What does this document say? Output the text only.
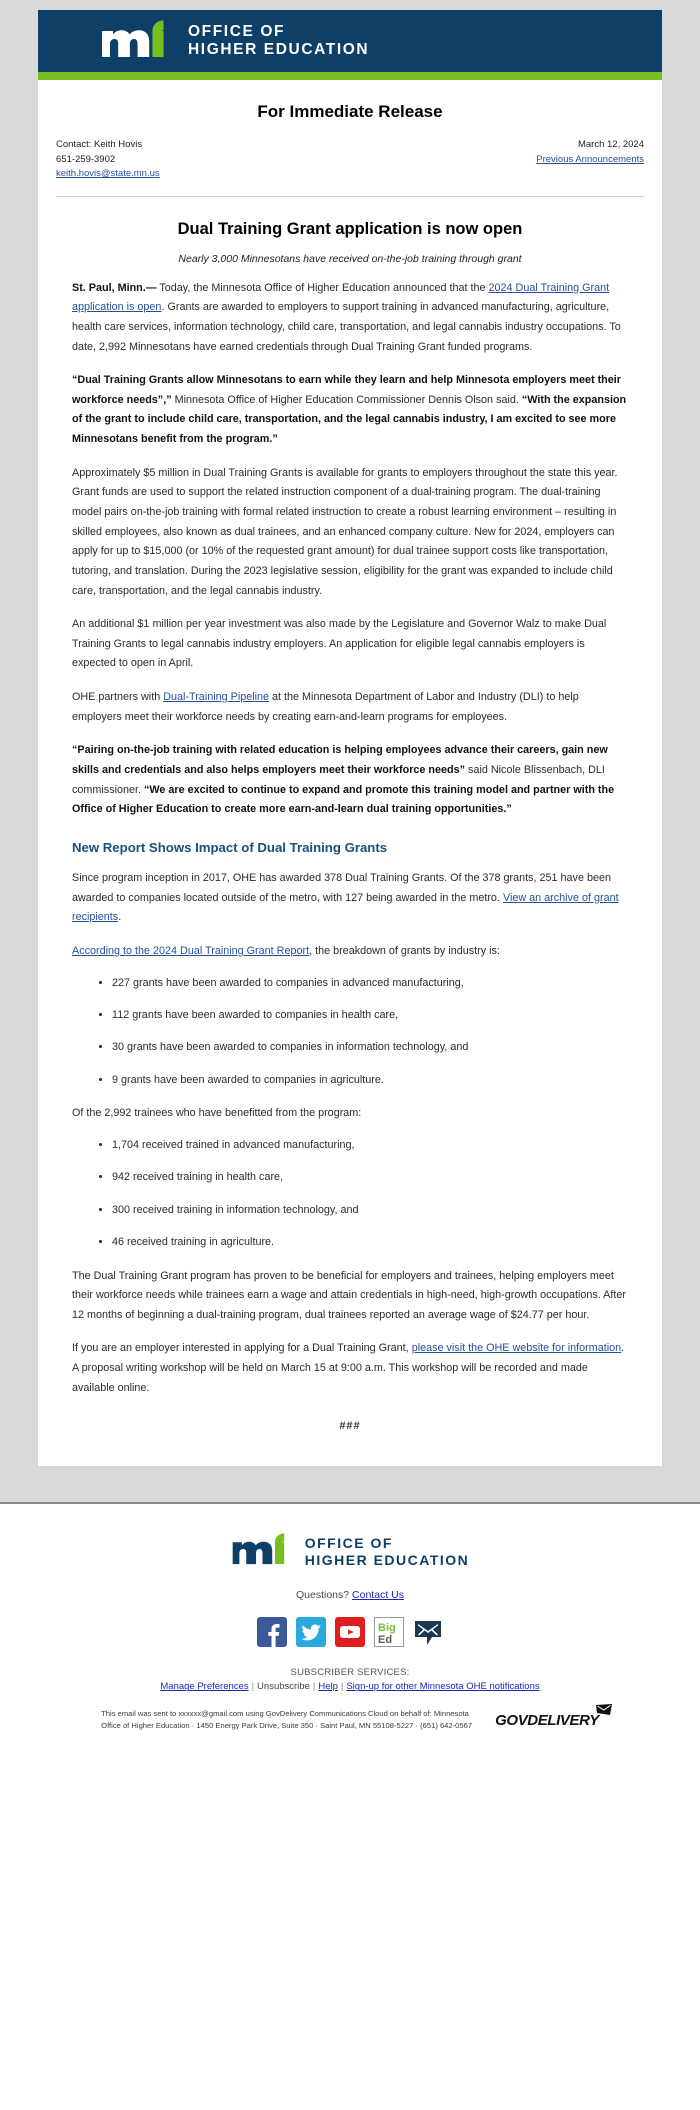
OFFICE OF
HIGHER EDUCATION
For Immediate Release
Contact: Keith Hovis
651-259-3902
keith.hovis@state.mn.us
March 12, 2024
Previous Announcements
Dual Training Grant application is now open
Nearly 3,000 Minnesotans have received on-the-job training through grant

St. Paul, Minn.— Today, the Minnesota Office of Higher Education announced that the 2024 Dual Training Grant application is open. Grants are awarded to employers to support training in advanced manufacturing, agriculture, health care services, information technology, child care, transportation, and legal cannabis industry occupations. To date, 2,992 Minnesotans have earned credentials through Dual Training Grant funded programs.

“Dual Training Grants allow Minnesotans to earn while they learn and help Minnesota employers meet their workforce needs”,” Minnesota Office of Higher Education Commissioner Dennis Olson said. “With the expansion of the grant to include child care, transportation, and the legal cannabis industry, I am excited to see more Minnesotans benefit from the program.”

Approximately $5 million in Dual Training Grants is available for grants to employers throughout the state this year. Grant funds are used to support the related instruction component of a dual-training program. The dual-training model pairs on-the-job training with formal related instruction to create a robust learning environment – resulting in skilled employees, also known as dual trainees, and an enhanced company culture. New for 2024, employers can apply for up to $15,000 (or 10% of the requested grant amount) for dual trainee support costs like transportation, tutoring, and translation. During the 2023 legislative session, eligibility for the grant was expanded to include child care, transportation, and the legal cannabis industry.

An additional $1 million per year investment was also made by the Legislature and Governor Walz to make Dual Training Grants to legal cannabis industry employers. An application for eligible legal cannabis employers is expected to open in April.

OHE partners with Dual-Training Pipeline at the Minnesota Department of Labor and Industry (DLI) to help employers meet their workforce needs by creating earn-and-learn programs for employees.

“Pairing on-the-job training with related education is helping employees advance their careers, gain new skills and credentials and also helps employers meet their workforce needs” said Nicole Blissenbach, DLI commissioner. “We are excited to continue to expand and promote this training model and partner with the Office of Higher Education to create more earn-and-learn dual training opportunities.”

New Report Shows Impact of Dual Training Grants

Since program inception in 2017, OHE has awarded 378 Dual Training Grants. Of the 378 grants, 251 have been awarded to companies located outside of the metro, with 127 being awarded in the metro. View an archive of grant recipients.

According to the 2024 Dual Training Grant Report, the breakdown of grants by industry is:

• 227 grants have been awarded to companies in advanced manufacturing,
• 112 grants have been awarded to companies in health care,
• 30 grants have been awarded to companies in information technology, and
• 9 grants have been awarded to companies in agriculture.

Of the 2,992 trainees who have benefitted from the program:

• 1,704 received trained in advanced manufacturing,
• 942 received training in health care,
• 300 received training in information technology, and
• 46 received training in agriculture.

The Dual Training Grant program has proven to be beneficial for employers and trainees, helping employers meet their workforce needs while trainees earn a wage and attain credentials in high-need, high-growth occupations. After 12 months of beginning a dual-training program, dual trainees reported an average wage of $24.77 per hour.

If you are an employer interested in applying for a Dual Training Grant, please visit the OHE website for information. A proposal writing workshop will be held on March 15 at 9:00 a.m. This workshop will be recorded and made available online.

###
OFFICE OF
HIGHER EDUCATION
Questions? Contact Us
Big
Ed
SUBSCRIBER SERVICES:
Manage Preferences | Unsubscribe | Help | Sign-up for other Minnesota OHE notifications
This email was sent to xxxxxx@gmail.com using GovDelivery Communications Cloud on behalf of: Minnesota Office of Higher Education · 1450 Energy Park Drive, Suite 350 · Saint Paul, MN 55108-5227 · (651) 642-0567	GOVDELIVERY
